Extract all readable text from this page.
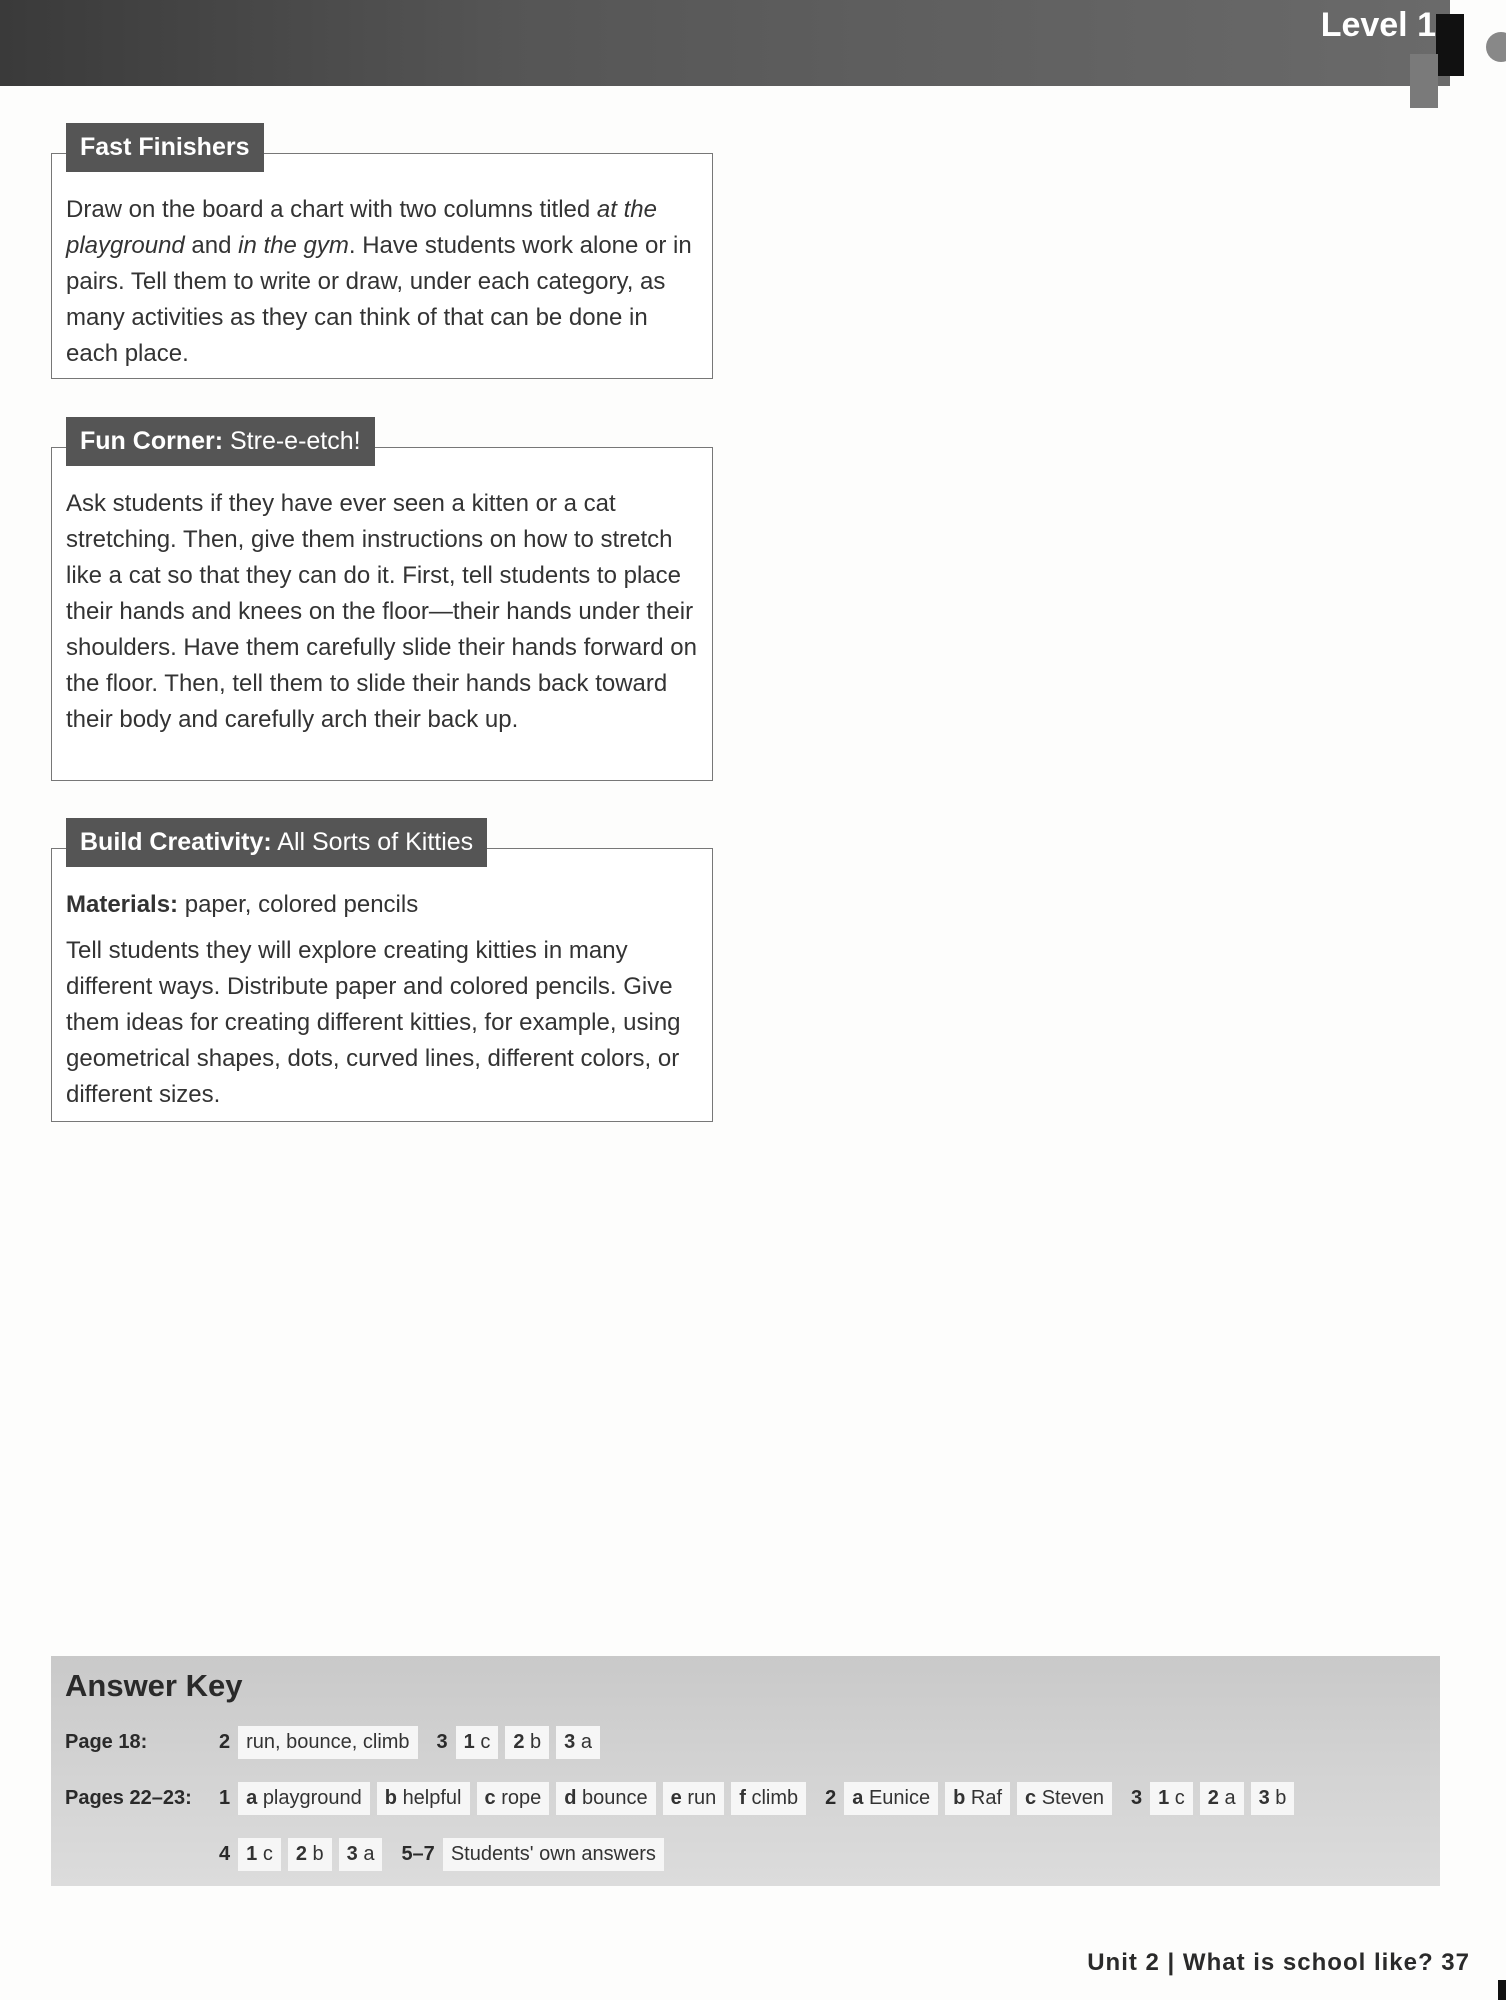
Level 1
Fast Finishers
Draw on the board a chart with two columns titled at the playground and in the gym. Have students work alone or in pairs. Tell them to write or draw, under each category, as many activities as they can think of that can be done in each place.
Fun Corner: Stre-e-etch!
Ask students if they have ever seen a kitten or a cat stretching. Then, give them instructions on how to stretch like a cat so that they can do it. First, tell students to place their hands and knees on the floor—their hands under their shoulders. Have them carefully slide their hands forward on the floor. Then, tell them to slide their hands back toward their body and carefully arch their back up.
Build Creativity: All Sorts of Kitties
Materials: paper, colored pencils
Tell students they will explore creating kitties in many different ways. Distribute paper and colored pencils. Give them ideas for creating different kitties, for example, using geometrical shapes, dots, curved lines, different colors, or different sizes.
Answer Key
Page 18:	2 run, bounce, climb	3 1 c	2 b	3 a
Pages 22–23: 1 a playground	b helpful	c rope	d bounce	e run	f climb	2 a Eunice	b Raf	c Steven	3 1 c	2 a	3 b
4 1 c	2 b	3 a	5–7 Students' own answers
Unit 2 | What is school like? 37
